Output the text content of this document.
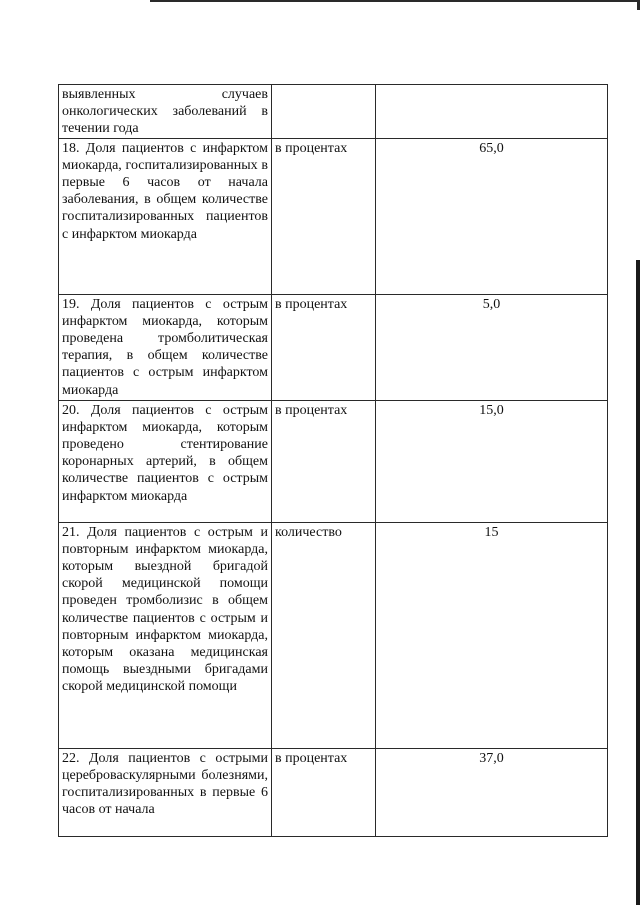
выявленных случаев онкологических заболеваний в течении года		

18. Доля пациентов с инфарктом миокарда, госпитализированных в первые 6 часов от начала заболевания, в общем количестве госпитализированных пациентов с инфарктом миокарда	в процентах	65,0

19. Доля пациентов с острым инфарктом миокарда, которым проведена тромболитическая терапия, в общем количестве пациентов с острым инфарктом миокарда	в процентах	5,0

20. Доля пациентов с острым инфарктом миокарда, которым проведено стентирование коронарных артерий, в общем количестве пациентов с острым инфарктом миокарда	в процентах	15,0

21. Доля пациентов с острым и повторным инфарктом миокарда, которым выездной бригадой скорой медицинской помощи проведен тромболизис в общем количестве пациентов с острым и повторным инфарктом миокарда, которым оказана медицинская помощь выездными бригадами скорой медицинской помощи	количество	15

22. Доля пациентов с острыми цереброваскулярными болезнями, госпитализированных в первые 6 часов от начала	в процентах	37,0
